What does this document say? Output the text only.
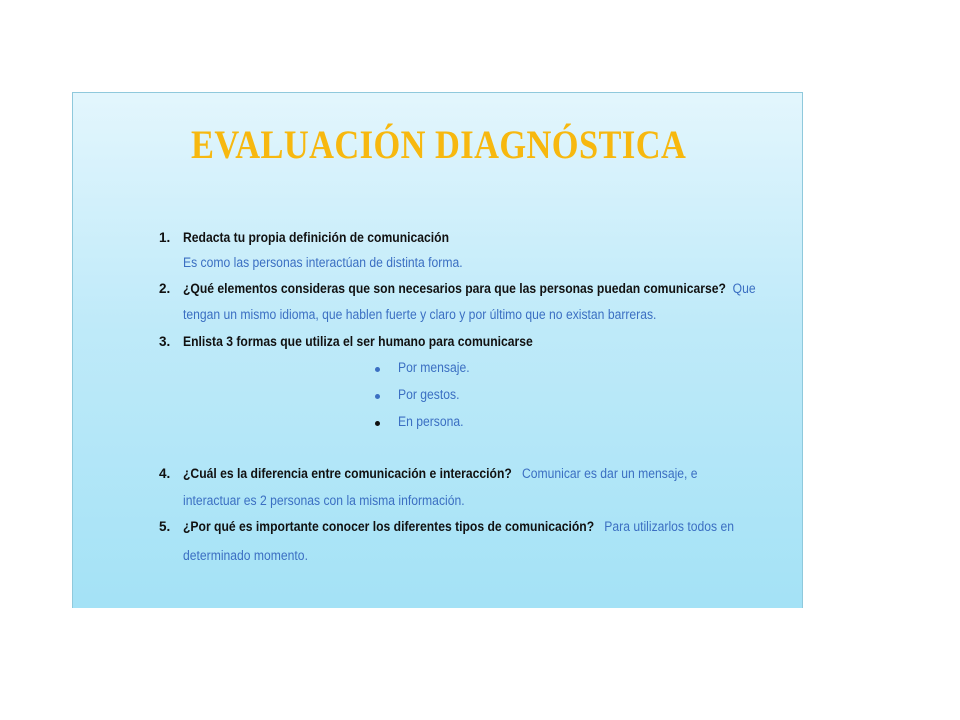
EVALUACIÓN DIAGNÓSTICA
1. Redacta tu propia definición de comunicación
Es como las personas interactúan de distinta forma.
2. ¿Qué elementos consideras que son necesarios para que las personas puedan comunicarse? Que
tengan un mismo idioma, que hablen fuerte y claro y por último que no existan barreras.
3. Enlista 3 formas que utiliza el ser humano para comunicarse
Por mensaje.
Por gestos.
En persona.
4. ¿Cuál es la diferencia entre comunicación e interacción? Comunicar es dar un mensaje, e
interactuar es 2 personas con la misma información.
5. ¿Por qué es importante conocer los diferentes tipos de comunicación? Para utilizarlos todos en
determinado momento.
